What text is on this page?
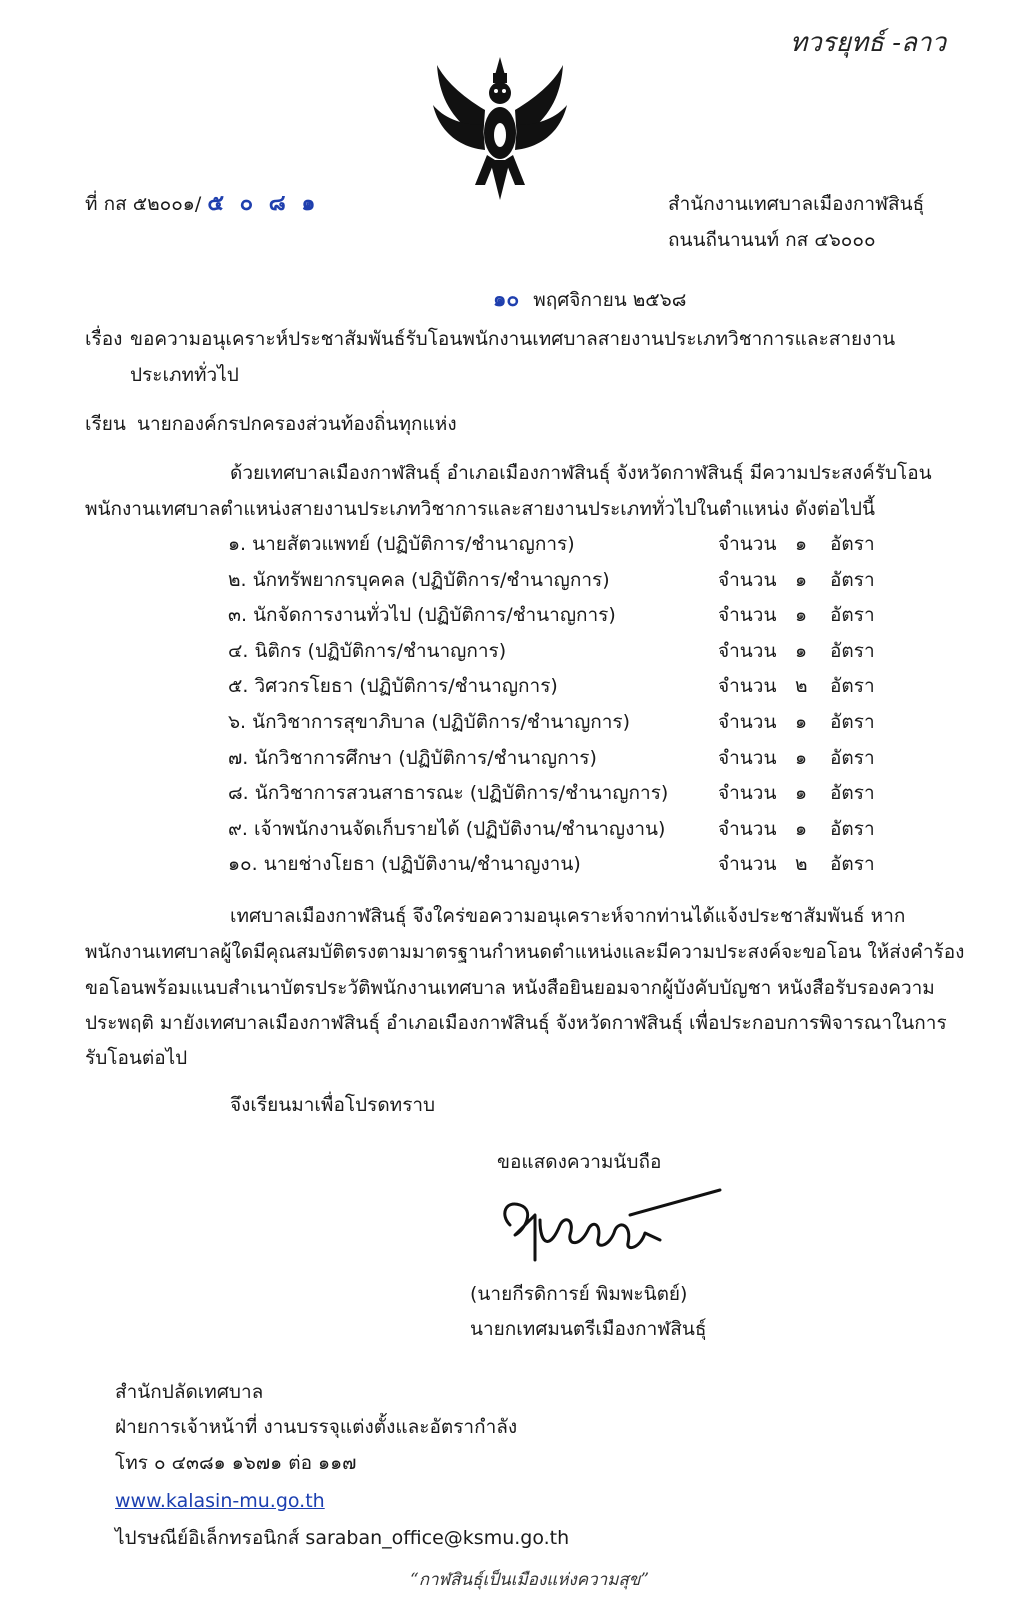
ทวรยุทธ์ -ลาว
ที่ กส ๕๒๐๐๑/ ๕ ๐ ๘ ๑	สำนักงานเทศบาลเมืองกาฬสินธุ์
ถนนถีนานนท์ กส ๔๖๐๐๐
๑๐ พฤศจิกายน ๒๕๖๘
เรื่อง ขอความอนุเคราะห์ประชาสัมพันธ์รับโอนพนักงานเทศบาลสายงานประเภทวิชาการและสายงาน
ประเภททั่วไป
เรียน นายกองค์กรปกครองส่วนท้องถิ่นทุกแห่ง
ด้วยเทศบาลเมืองกาฬสินธุ์ อำเภอเมืองกาฬสินธุ์ จังหวัดกาฬสินธุ์ มีความประสงค์รับโอน
พนักงานเทศบาลตำแหน่งสายงานประเภทวิชาการและสายงานประเภททั่วไปในตำแหน่ง ดังต่อไปนี้
๑. นายสัตวแพทย์ (ปฏิบัติการ/ชำนาญการ)	จำนวน ๑ อัตรา
๒. นักทรัพยากรบุคคล (ปฏิบัติการ/ชำนาญการ)	จำนวน ๑ อัตรา
๓. นักจัดการงานทั่วไป (ปฏิบัติการ/ชำนาญการ)	จำนวน ๑ อัตรา
๔. นิติกร (ปฏิบัติการ/ชำนาญการ)	จำนวน ๑ อัตรา
๕. วิศวกรโยธา (ปฏิบัติการ/ชำนาญการ)	จำนวน ๒ อัตรา
๖. นักวิชาการสุขาภิบาล (ปฏิบัติการ/ชำนาญการ)	จำนวน ๑ อัตรา
๗. นักวิชาการศึกษา (ปฏิบัติการ/ชำนาญการ)	จำนวน ๑ อัตรา
๘. นักวิชาการสวนสาธารณะ (ปฏิบัติการ/ชำนาญการ)	จำนวน ๑ อัตรา
๙. เจ้าพนักงานจัดเก็บรายได้ (ปฏิบัติงาน/ชำนาญงาน)	จำนวน ๑ อัตรา
๑๐. นายช่างโยธา (ปฏิบัติงาน/ชำนาญงาน)	จำนวน ๒ อัตรา
เทศบาลเมืองกาฬสินธุ์ จึงใคร่ขอความอนุเคราะห์จากท่านได้แจ้งประชาสัมพันธ์ หาก
พนักงานเทศบาลผู้ใดมีคุณสมบัติตรงตามมาตรฐานกำหนดตำแหน่งและมีความประสงค์จะขอโอน ให้ส่งคำร้อง
ขอโอนพร้อมแนบสำเนาบัตรประวัติพนักงานเทศบาล หนังสือยินยอมจากผู้บังคับบัญชา หนังสือรับรองความ
ประพฤติ มายังเทศบาลเมืองกาฬสินธุ์ อำเภอเมืองกาฬสินธุ์ จังหวัดกาฬสินธุ์ เพื่อประกอบการพิจารณาในการ
รับโอนต่อไป
จึงเรียนมาเพื่อโปรดทราบ
ขอแสดงความนับถือ
(นายกีรดิการย์ พิมพะนิตย์)
นายกเทศมนตรีเมืองกาฬสินธุ์
สำนักปลัดเทศบาล
ฝ่ายการเจ้าหน้าที่ งานบรรจุแต่งตั้งและอัตรากำลัง
โทร ๐ ๔๓๘๑ ๑๖๗๑ ต่อ ๑๑๗
www.kalasin-mu.go.th
ไปรษณีย์อิเล็กทรอนิกส์ saraban_office@ksmu.go.th
“กาฬสินธุ์เป็นเมืองแห่งความสุข”
